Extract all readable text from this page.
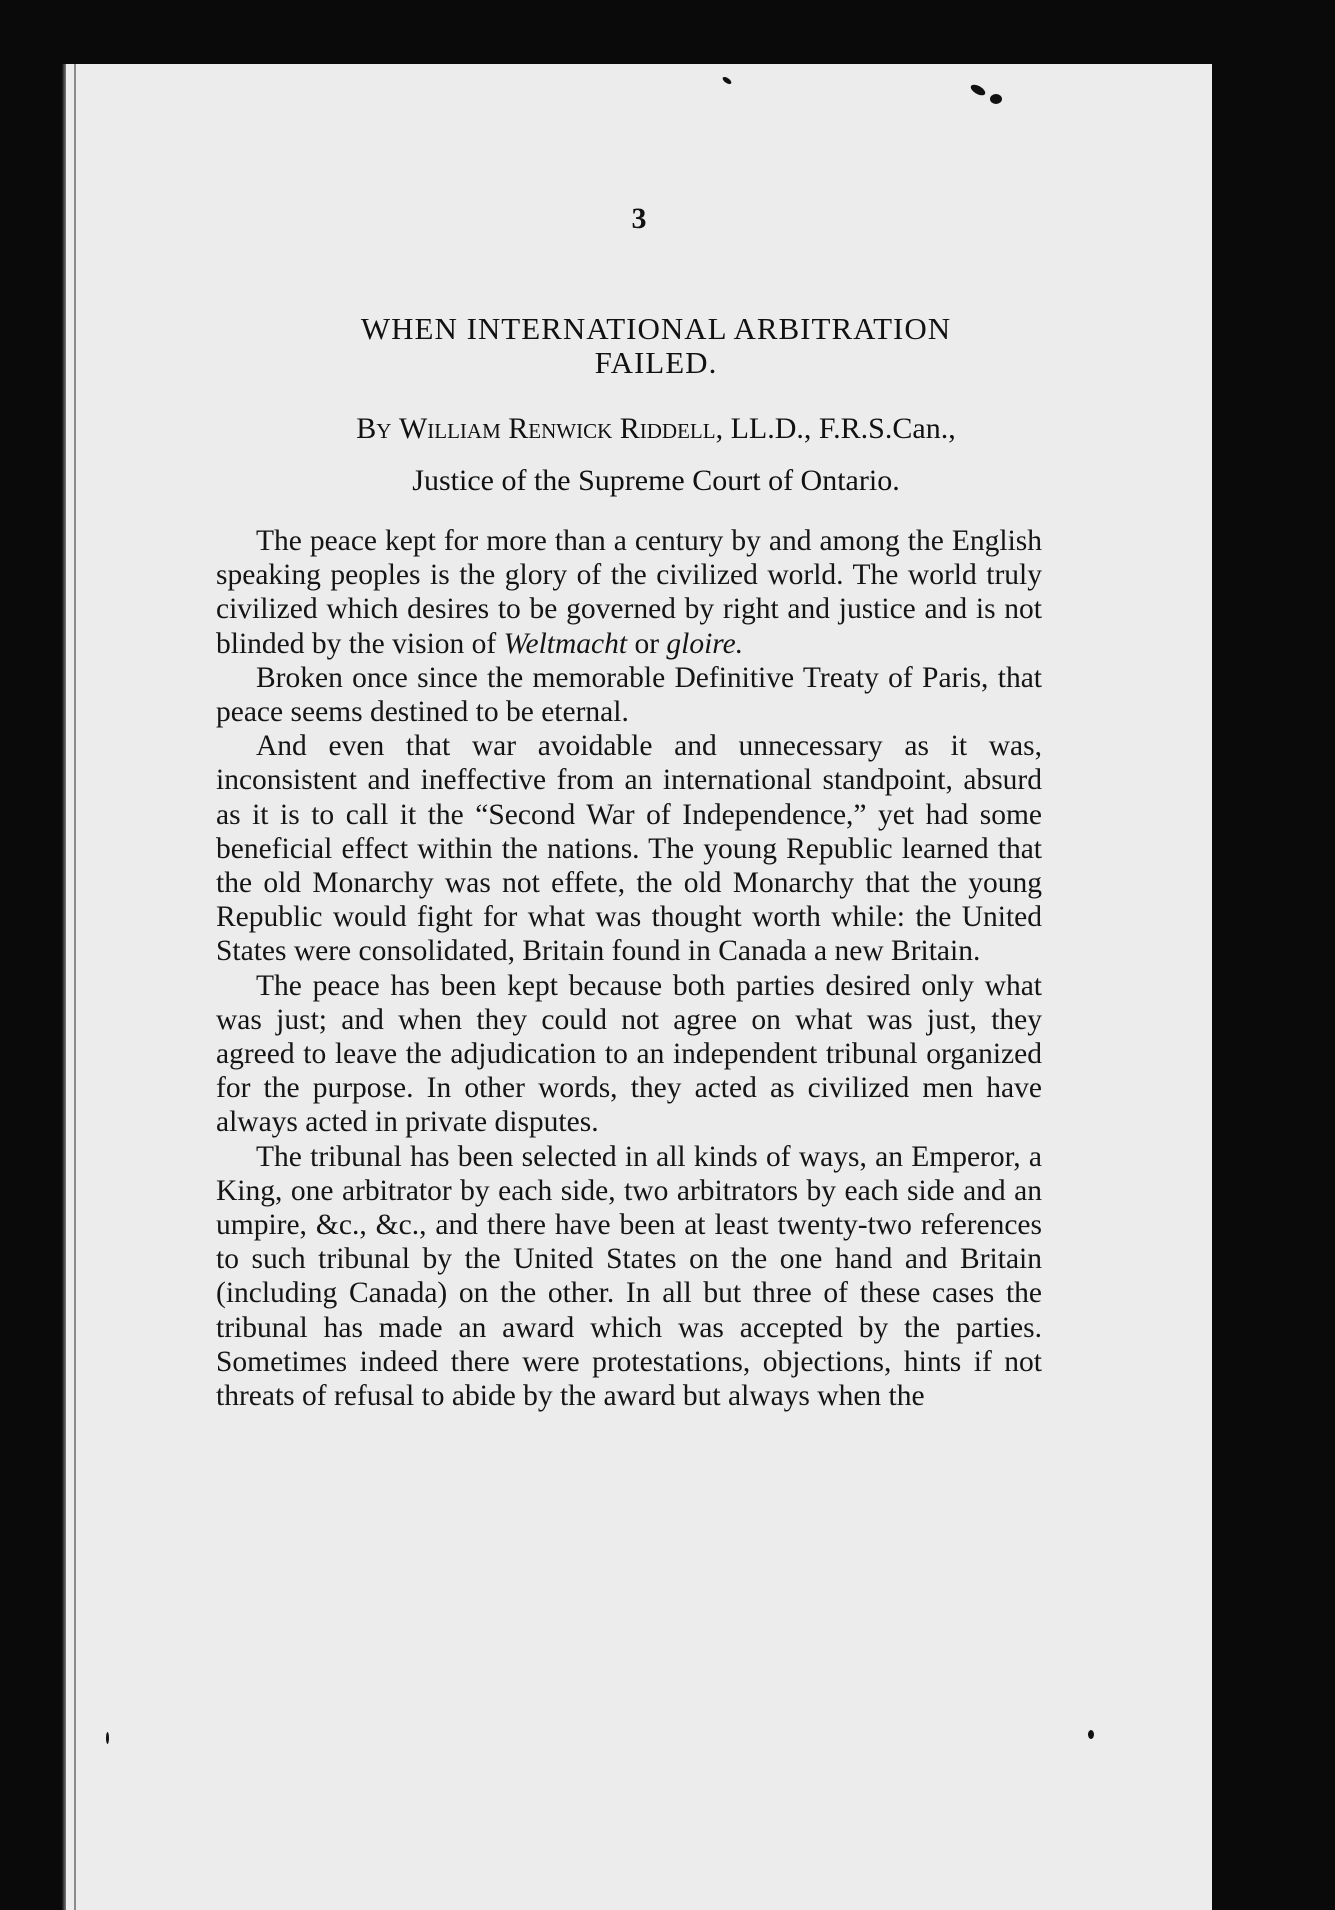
3
WHEN INTERNATIONAL ARBITRATION
FAILED.
By William Renwick Riddell, LL.D., F.R.S.Can.,
Justice of the Supreme Court of Ontario.

The peace kept for more than a century by and among the English speaking peoples is the glory of the civilized world. The world truly civilized which desires to be governed by right and justice and is not blinded by the vision of Weltmacht or gloire.

Broken once since the memorable Definitive Treaty of Paris, that peace seems destined to be eternal.

And even that war avoidable and unnecessary as it was, inconsistent and ineffective from an international standpoint, absurd as it is to call it the “Second War of Independence,” yet had some beneficial effect within the nations. The young Republic learned that the old Monarchy was not effete, the old Monarchy that the young Republic would fight for what was thought worth while: the United States were consolidated, Britain found in Canada a new Britain.

The peace has been kept because both parties desired only what was just; and when they could not agree on what was just, they agreed to leave the adjudication to an independent tribunal organized for the purpose. In other words, they acted as civilized men have always acted in private disputes.

The tribunal has been selected in all kinds of ways, an Emperor, a King, one arbitrator by each side, two arbitrators by each side and an umpire, &c., &c., and there have been at least twenty-two references to such tribunal by the United States on the one hand and Britain (including Canada) on the other. In all but three of these cases the tribunal has made an award which was accepted by the parties. Sometimes indeed there were protestations, objections, hints if not threats of refusal to abide by the award but always when the
